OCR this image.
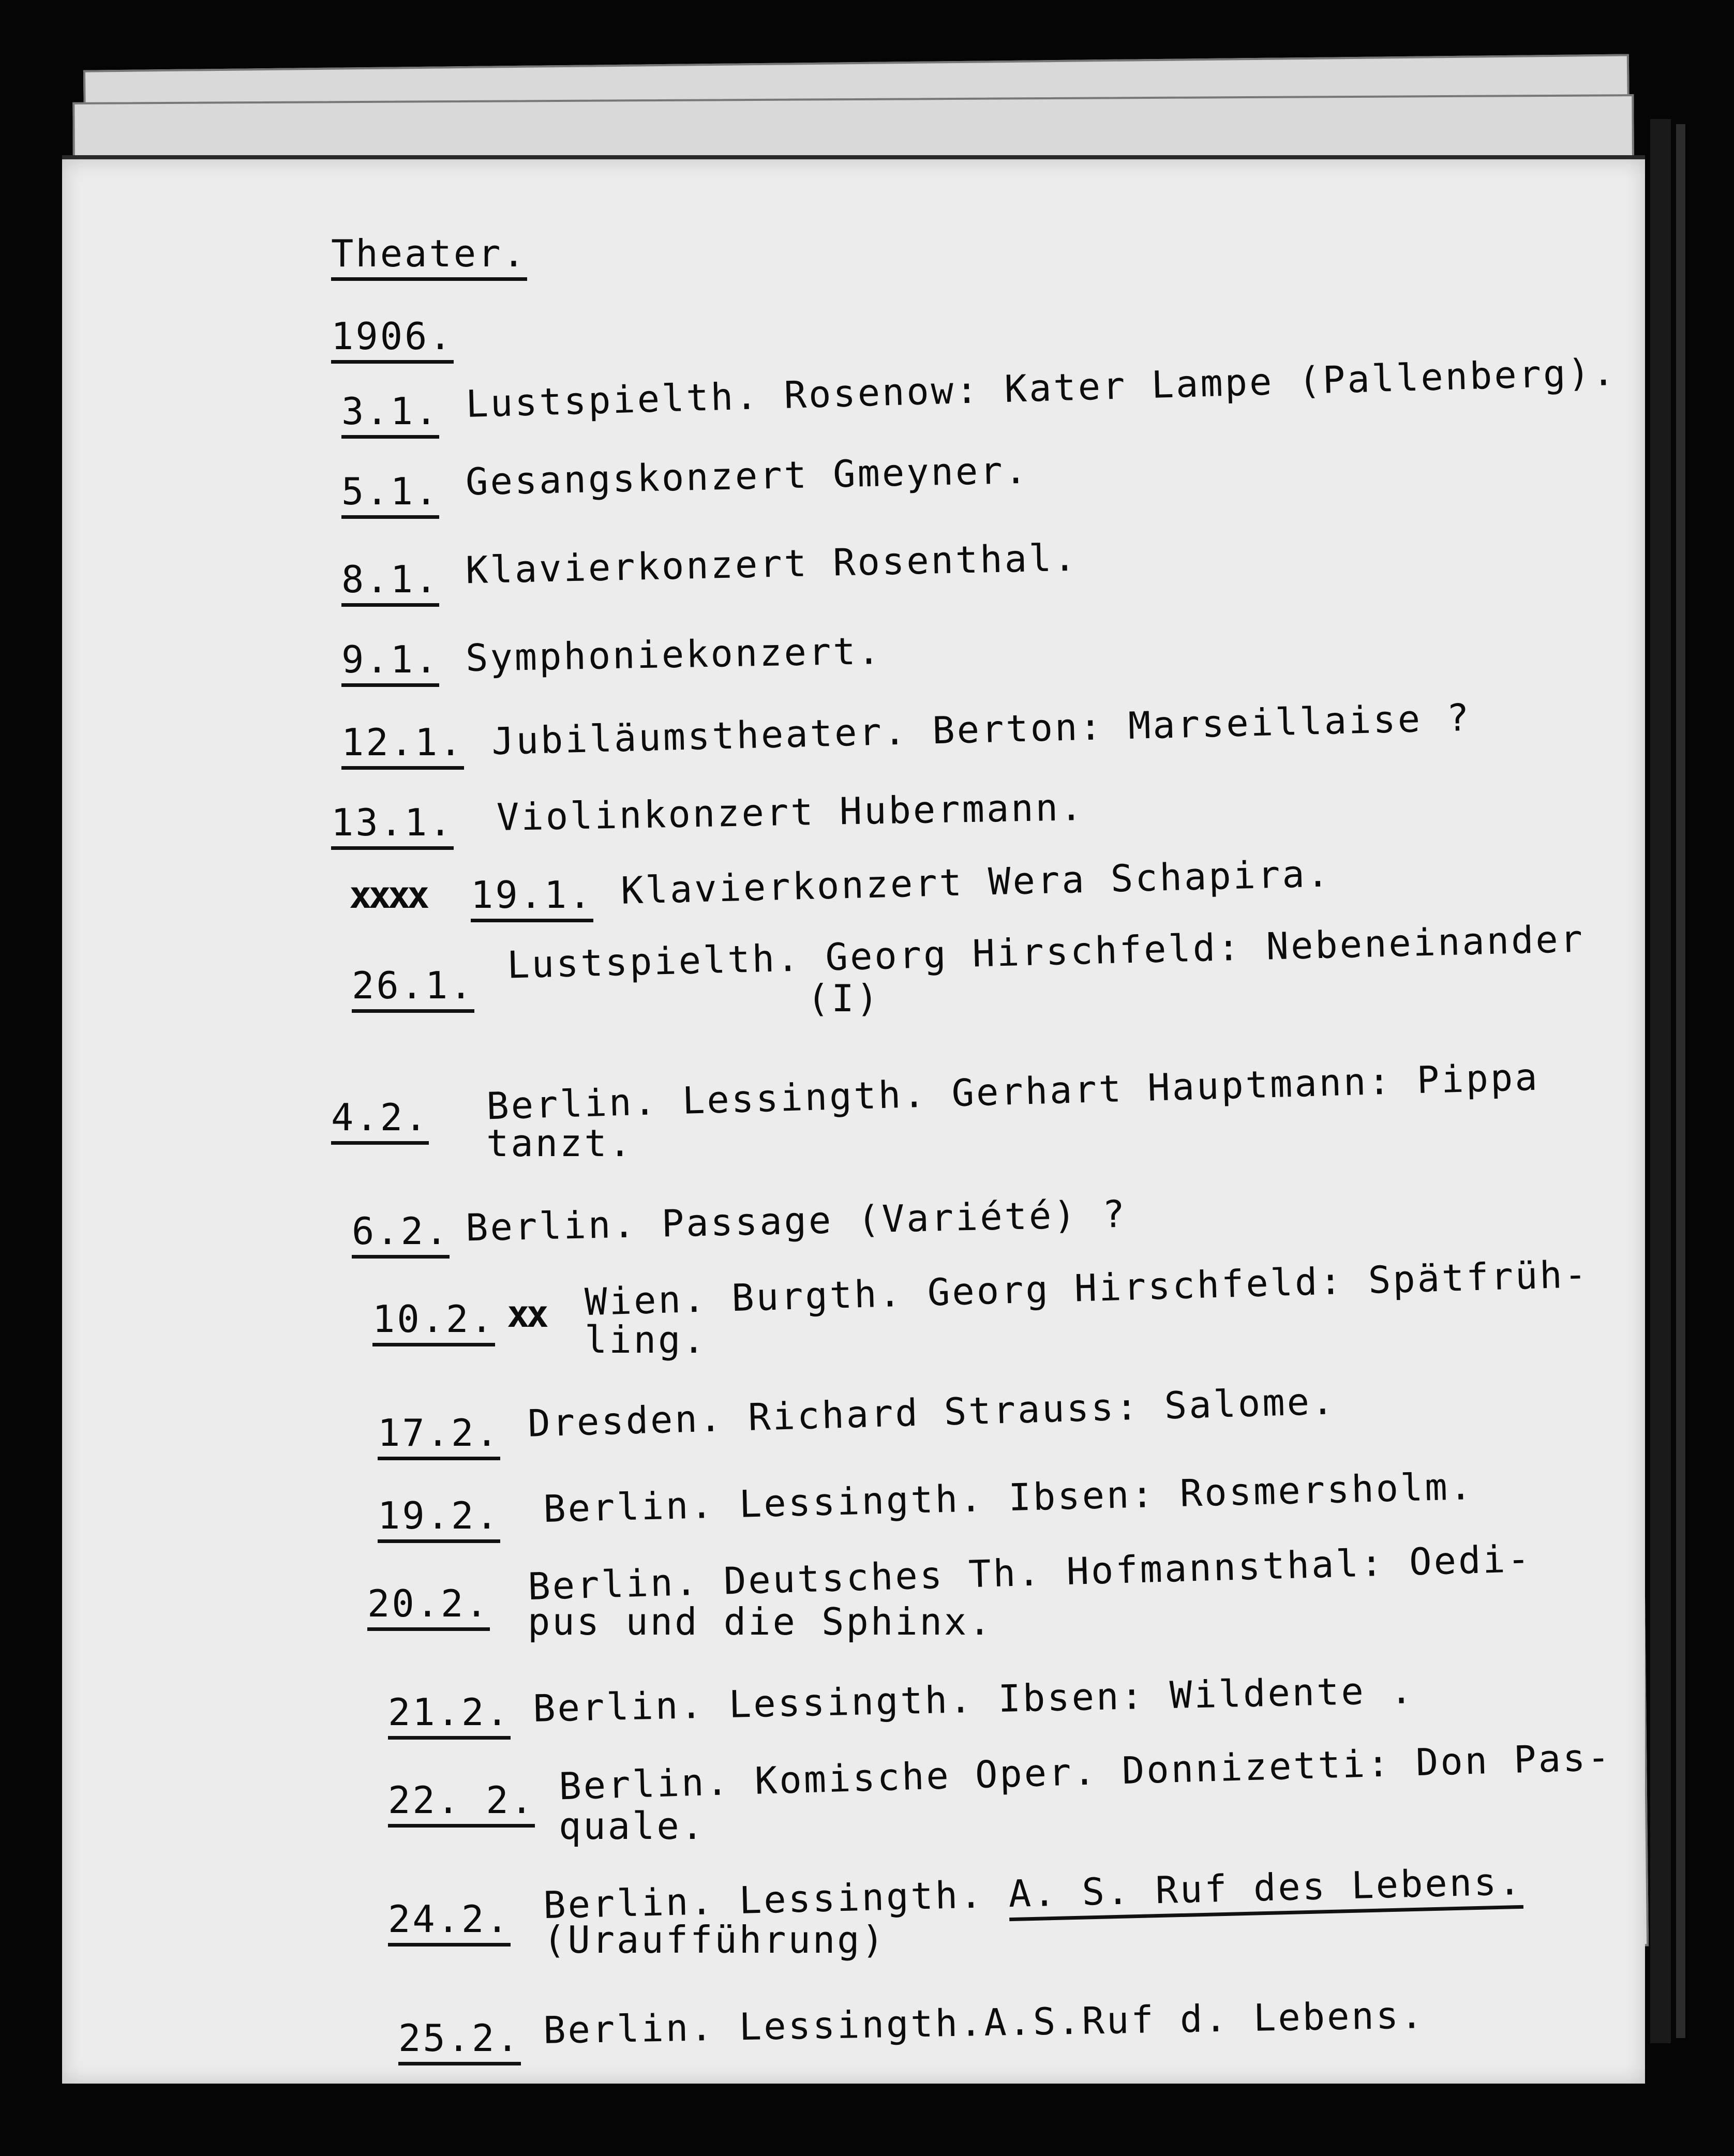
Theater.
1906.
3.1. Lustspielth. Rosenow: Kater Lampe (Pallenberg).
5.1. Gesangskonzert Gmeyner.
8.1. Klavierkonzert Rosenthal.
9.1. Symphoniekonzert.
12.1. Jubiläumstheater. Berton: Marseillaise ?
13.1. Violinkonzert Hubermann.
xxxx 19.1. Klavierkonzert Wera Schapira.
26.1. Lustspielth. Georg Hirschfeld: Nebeneinander
(I)
4.2. Berlin. Lessingth. Gerhart Hauptmann: Pippa
tanzt.
6.2. Berlin. Passage (Variété) ?
10.2. xx Wien. Burgth. Georg Hirschfeld: Spätfrüh-
ling.
17.2. Dresden. Richard Strauss: Salome.
19.2. Berlin. Lessingth. Ibsen: Rosmersholm.
20.2. Berlin. Deutsches Th. Hofmannsthal: Oedi-
pus und die Sphinx.
21.2. Berlin. Lessingth. Ibsen: Wildente .
22. 2. Berlin. Komische Oper. Donnizetti: Don Pas-
quale.
24.2. Berlin. Lessingth. A. S. Ruf des Lebens.
(Uraufführung)
25.2. Berlin. Lessingth.A.S.Ruf d. Lebens.
